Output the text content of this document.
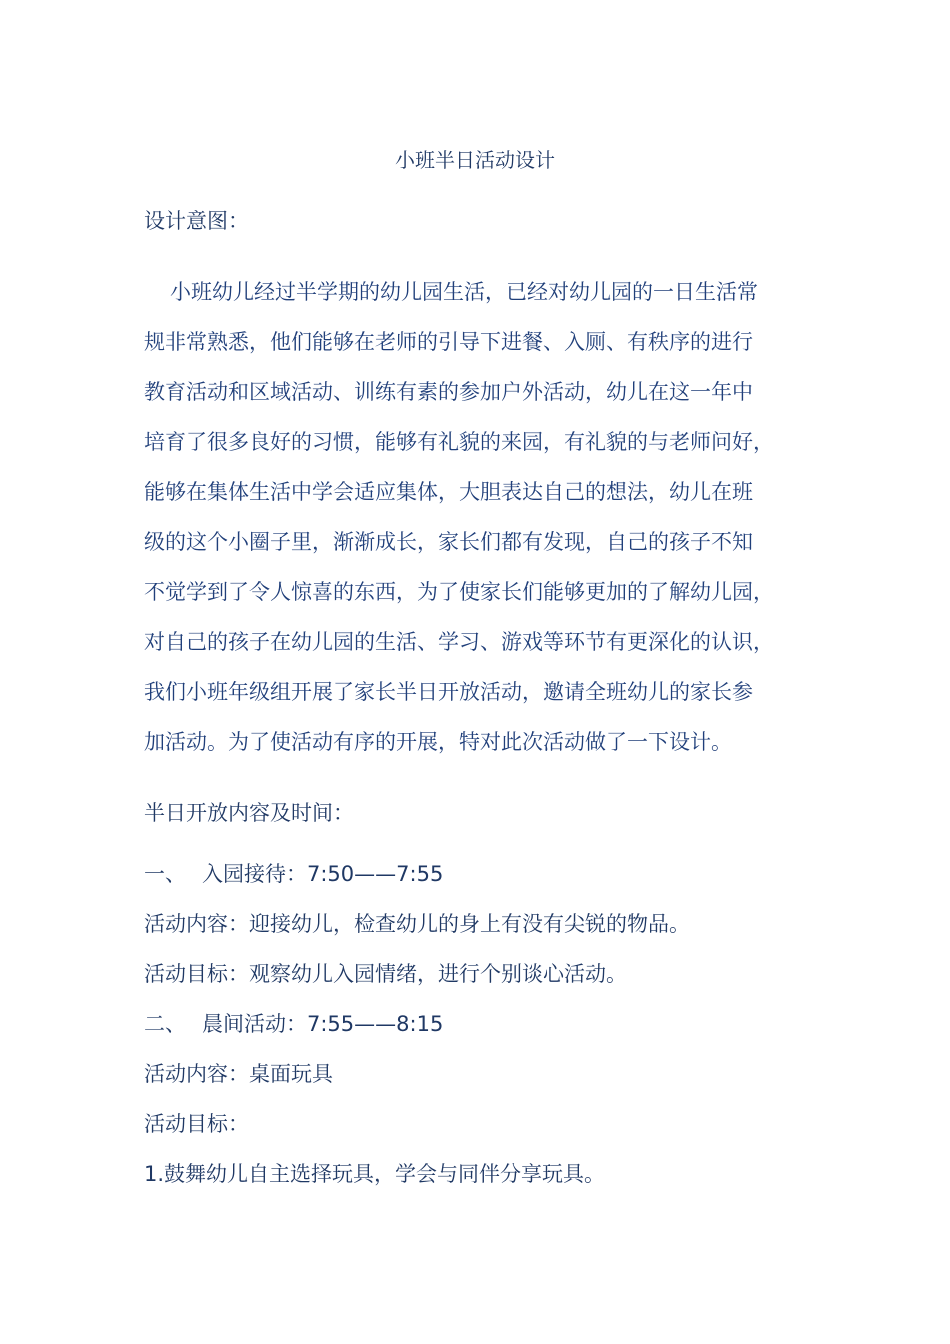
小班半日活动设计
设计意图：
小班幼儿经过半学期的幼儿园生活，已经对幼儿园的一日生活常
规非常熟悉，他们能够在老师的引导下进餐、入厕、有秩序的进行
教育活动和区域活动、训练有素的参加户外活动，幼儿在这一年中
培育了很多良好的习惯，能够有礼貌的来园，有礼貌的与老师问好，
能够在集体生活中学会适应集体，大胆表达自己的想法，幼儿在班
级的这个小圈子里，渐渐成长，家长们都有发现，自己的孩子不知
不觉学到了令人惊喜的东西，为了使家长们能够更加的了解幼儿园，
对自己的孩子在幼儿园的生活、学习、游戏等环节有更深化的认识，
我们小班年级组开展了家长半日开放活动，邀请全班幼儿的家长参
加活动。为了使活动有序的开展，特对此次活动做了一下设计。
半日开放内容及时间：
一、 入园接待：7:50——7:55
活动内容：迎接幼儿，检查幼儿的身上有没有尖锐的物品。
活动目标：观察幼儿入园情绪，进行个别谈心活动。
二、 晨间活动：7:55——8:15
活动内容：桌面玩具
活动目标：
1.鼓舞幼儿自主选择玩具，学会与同伴分享玩具。
